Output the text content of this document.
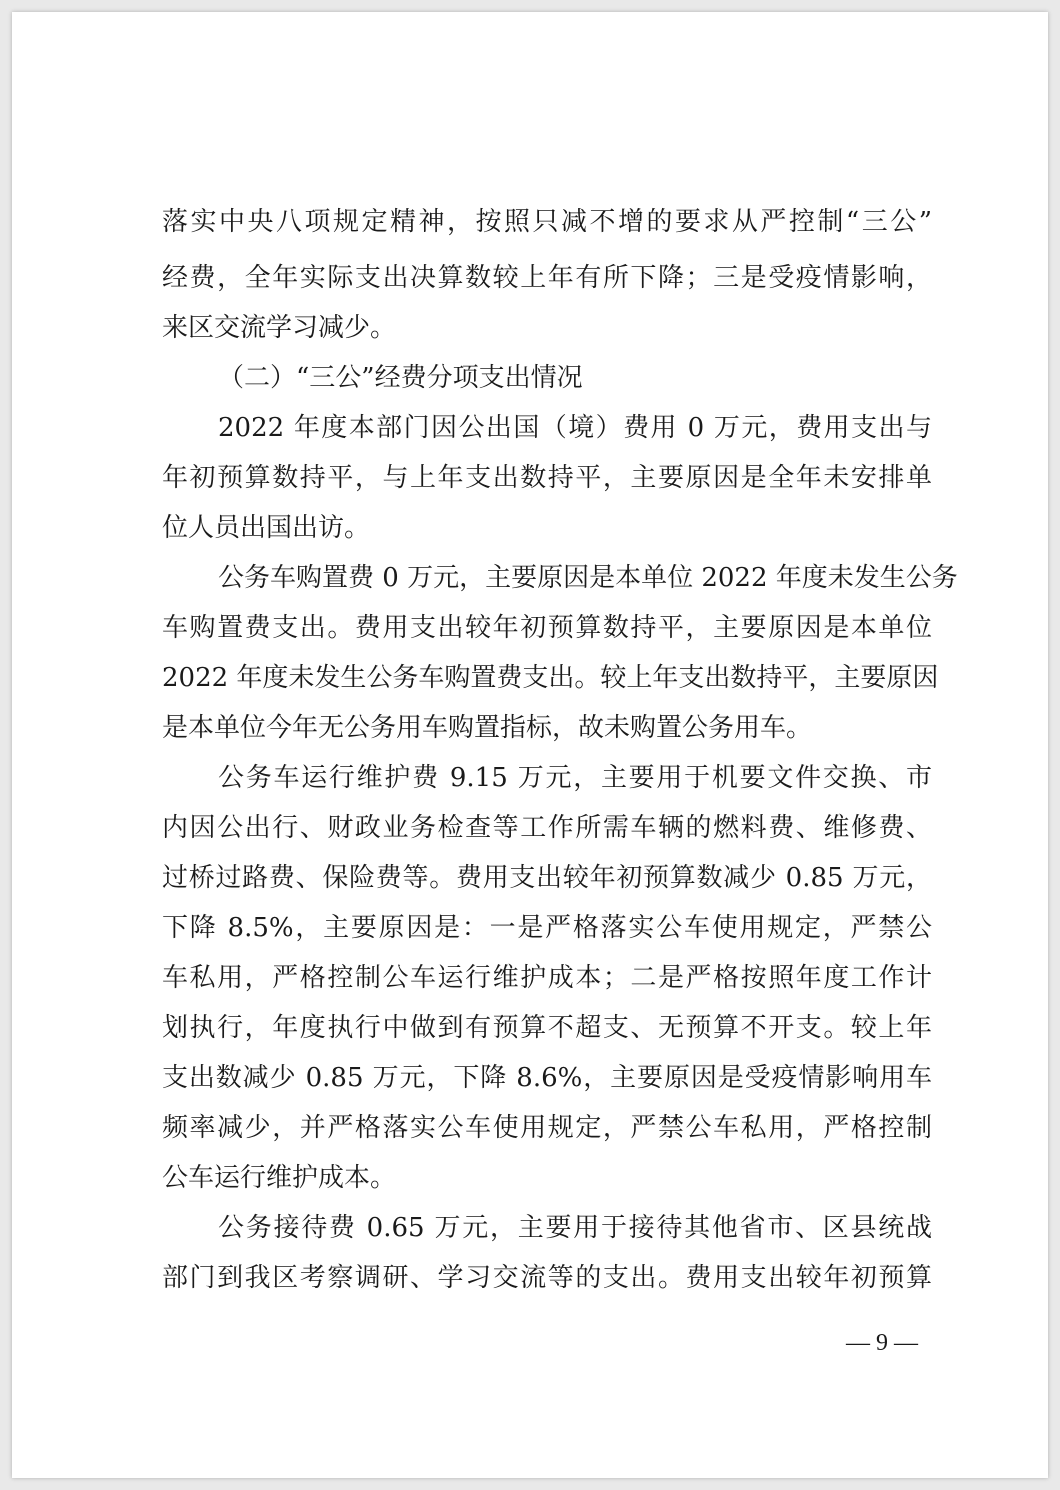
落实中央八项规定精神，按照只减不增的要求从严控制“三公”
经费，全年实际支出决算数较上年有所下降；三是受疫情影响，
来区交流学习减少。
（二）“三公”经费分项支出情况
2022 年度本部门因公出国（境）费用 0 万元，费用支出与
年初预算数持平，与上年支出数持平，主要原因是全年未安排单
位人员出国出访。
公务车购置费 0 万元，主要原因是本单位 2022 年度未发生公务
车购置费支出。费用支出较年初预算数持平，主要原因是本单位
2022 年度未发生公务车购置费支出。较上年支出数持平，主要原因
是本单位今年无公务用车购置指标，故未购置公务用车。
公务车运行维护费 9.15 万元，主要用于机要文件交换、市
内因公出行、财政业务检查等工作所需车辆的燃料费、维修费、
过桥过路费、保险费等。费用支出较年初预算数减少 0.85 万元，
下降 8.5%，主要原因是：一是严格落实公车使用规定，严禁公
车私用，严格控制公车运行维护成本；二是严格按照年度工作计
划执行，年度执行中做到有预算不超支、无预算不开支。较上年
支出数减少 0.85 万元，下降 8.6%，主要原因是受疫情影响用车
频率减少，并严格落实公车使用规定，严禁公车私用，严格控制
公车运行维护成本。
公务接待费 0.65 万元，主要用于接待其他省市、区县统战
部门到我区考察调研、学习交流等的支出。费用支出较年初预算
— 9 —
